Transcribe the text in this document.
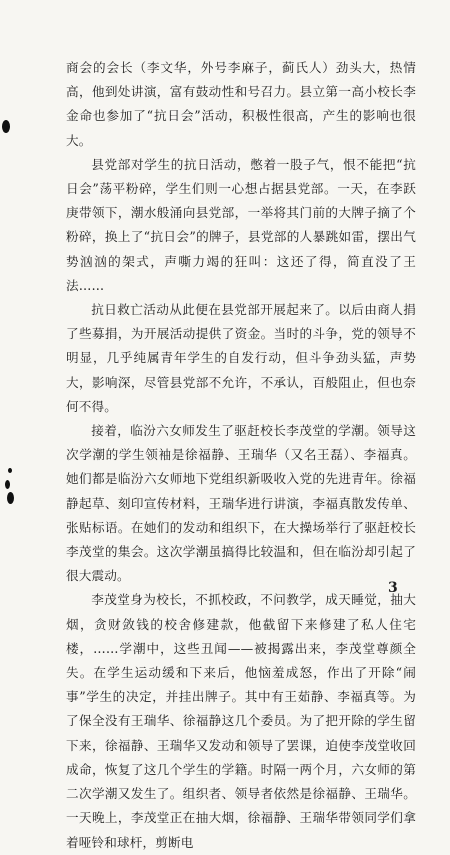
商会的会长（李文华，外号李麻子，蓟氏人）劲头大，热情高，他到处讲演，富有鼓动性和号召力。县立第一高小校长李金命也参加了“抗日会”活动，积极性很高，产生的影响也很大。

县党部对学生的抗日活动，憋着一股子气，恨不能把“抗日会”荡平粉碎，学生们则一心想占据县党部。一天，在李跃庚带领下，潮水般涌向县党部，一举将其门前的大牌子摘了个粉碎，换上了“抗日会”的牌子，县党部的人暴跳如雷，摆出气势汹汹的架式，声嘶力竭的狂叫：这还了得，简直没了王法……

抗日救亡活动从此便在县党部开展起来了。以后由商人捐了些募捐，为开展活动提供了资金。当时的斗争，党的领导不明显，几乎纯属青年学生的自发行动，但斗争劲头猛，声势大，影响深，尽管县党部不允许，不承认，百般阻止，但也奈何不得。

接着，临汾六女师发生了驱赶校长李茂堂的学潮。领导这次学潮的学生领袖是徐福静、王瑞华（又名王磊）、李福真。她们都是临汾六女师地下党组织新吸收入党的先进青年。徐福静起草、刻印宣传材料，王瑞华进行讲演，李福真散发传单、张贴标语。在她们的发动和组织下，在大操场举行了驱赶校长李茂堂的集会。这次学潮虽搞得比较温和，但在临汾却引起了很大震动。

李茂堂身为校长，不抓校政，不问教学，成天睡觉，抽大烟，贪财敛钱的校舍修建款，他截留下来修建了私人住宅楼，……学潮中，这些丑闻——被揭露出来，李茂堂尊颜全失。在学生运动缓和下来后，他恼羞成怒，作出了开除“闹事”学生的决定，并挂出牌子。其中有王茹静、李福真等。为了保全没有王瑞华、徐福静这几个委员。为了把开除的学生留下来，徐福静、王瑞华又发动和领导了罢课，迫使李茂堂收回成命，恢复了这几个学生的学籍。时隔一两个月，六女师的第二次学潮又发生了。组织者、领导者依然是徐福静、王瑞华。一天晚上，李茂堂正在抽大烟，徐福静、王瑞华带领同学们拿着哑铃和球杆，剪断电

3
